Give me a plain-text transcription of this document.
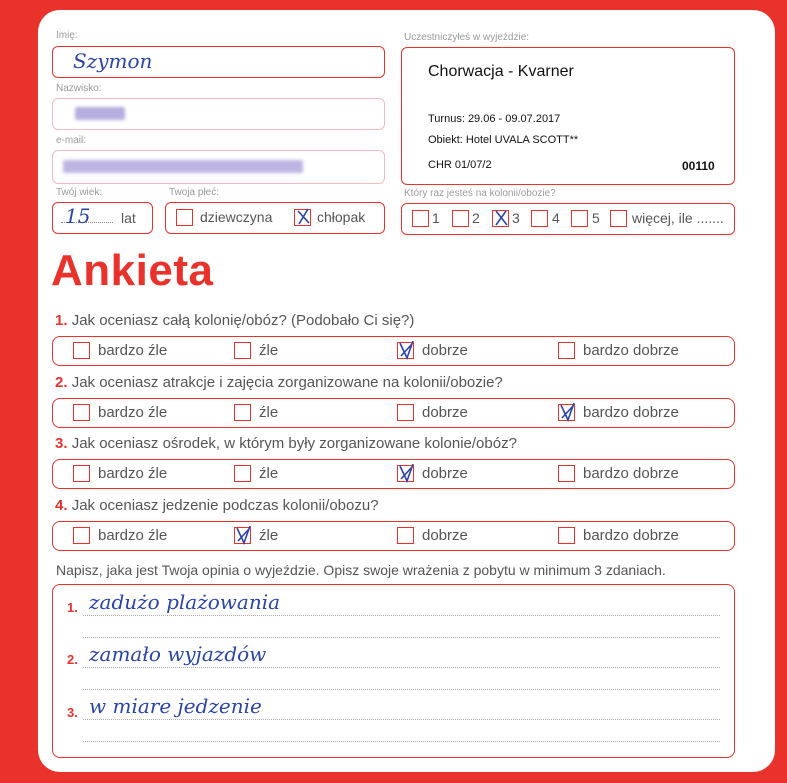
Imię:
Szymon
Nazwisko:
e-mail:
Twój wiek:
15 lat
Twoja płeć:
dziewczyna	chłopak
Uczestniczyłeś w wyjeździe:
Chorwacja - Kvarner
Turnus: 29.06 - 09.07.2017
Obiekt: Hotel UVALA SCOTT**
CHR 01/07/2	00110
Który raz jesteś na kolonii/obozie?
1 2 3 4 5 więcej, ile .......
Ankieta
1. Jak oceniasz całą kolonię/obóz? (Podobało Ci się?)
bardzo źle	źle	dobrze	bardzo dobrze
2. Jak oceniasz atrakcje i zajęcia zorganizowane na kolonii/obozie?
bardzo źle	źle	dobrze	bardzo dobrze
3. Jak oceniasz ośrodek, w którym były zorganizowane kolonie/obóz?
bardzo źle	źle	dobrze	bardzo dobrze
4. Jak oceniasz jedzenie podczas kolonii/obozu?
bardzo źle	źle	dobrze	bardzo dobrze
Napisz, jaka jest Twoja opinia o wyjeździe. Opisz swoje wrażenia z pobytu w minimum 3 zdaniach.
1. zadużo plażowania
2. zamało wyjazdów
3. w miare jedzenie
